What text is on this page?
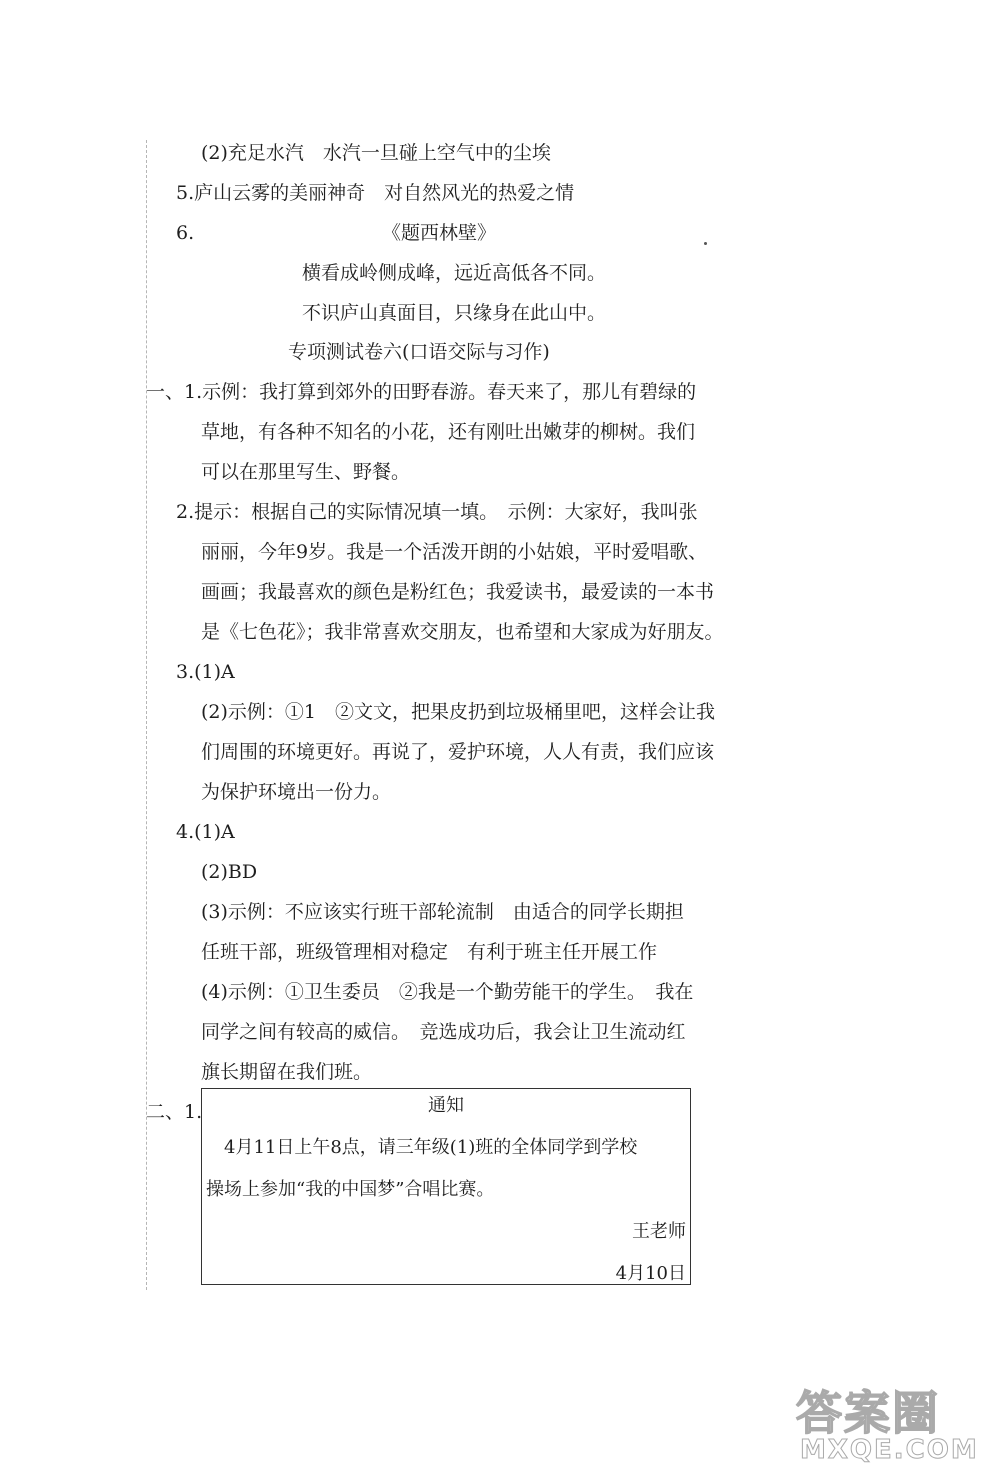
(2)充足水汽　水汽一旦碰上空气中的尘埃
5.庐山云雾的美丽神奇　对自然风光的热爱之情
6.	《题西林壁》
横看成岭侧成峰，远近高低各不同。
不识庐山真面目，只缘身在此山中。
专项测试卷六(口语交际与习作)
一、1.示例：我打算到郊外的田野春游。春天来了，那儿有碧绿的
草地，有各种不知名的小花，还有刚吐出嫩芽的柳树。我们
可以在那里写生、野餐。
2.提示：根据自己的实际情况填一填。　示例：大家好，我叫张
丽丽，今年9岁。我是一个活泼开朗的小姑娘，平时爱唱歌、
画画；我最喜欢的颜色是粉红色；我爱读书，最爱读的一本书
是《七色花》；我非常喜欢交朋友，也希望和大家成为好朋友。
3.(1)A
(2)示例：①1　②文文，把果皮扔到垃圾桶里吧，这样会让我
们周围的环境更好。再说了，爱护环境，人人有责，我们应该
为保护环境出一份力。
4.(1)A
(2)BD
(3)示例：不应该实行班干部轮流制　由适合的同学长期担
任班干部，班级管理相对稳定　有利于班主任开展工作
(4)示例：①卫生委员　②我是一个勤劳能干的学生。　我在
同学之间有较高的威信。　竞选成功后，我会让卫生流动红
旗长期留在我们班。
二、1.	通知
4月11日上午8点，请三年级(1)班的全体同学到学校
操场上参加“我的中国梦”合唱比赛。
王老师
4月10日
答案圈
MXQE.COM
